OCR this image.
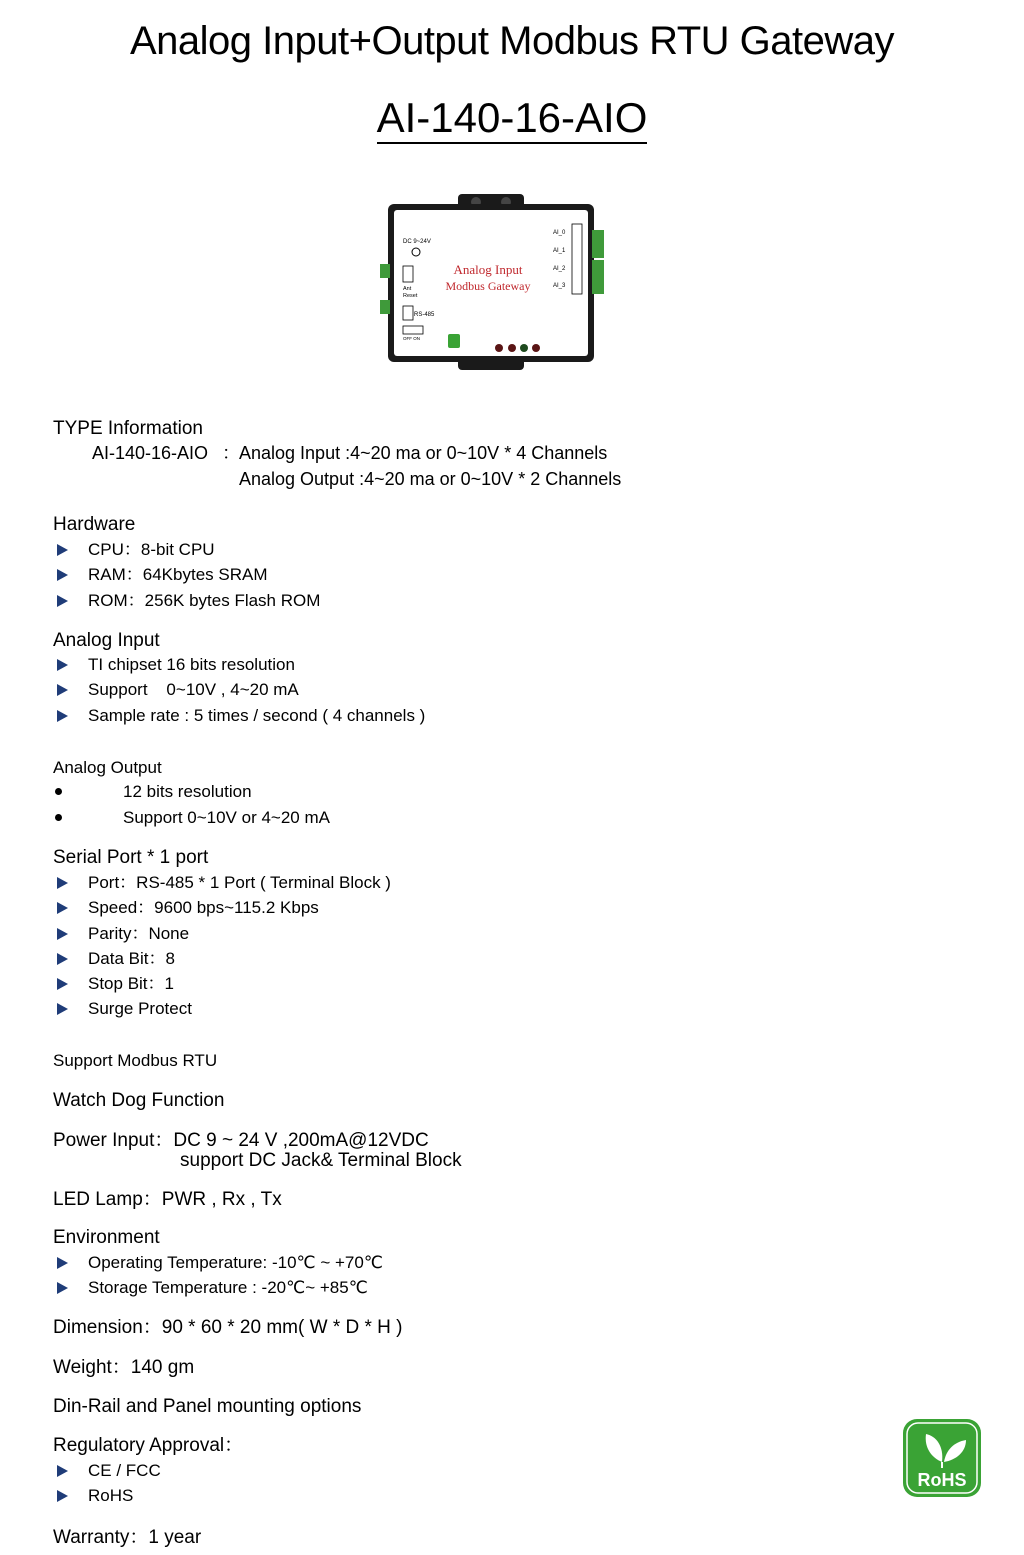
Analog Input+Output Modbus RTU Gateway
AI-140-16-AIO
DC 9~24V
Ant
Reset
RS-485
OFF ON
Analog Input
Modbus Gateway
AI_0
AI_1
AI_2
AI_3
TYPE Information
AI-140-16-AIO ： Analog Input :4~20 ma or 0~10V * 4 Channels
Analog Output :4~20 ma or 0~10V * 2 Channels
Hardware
CPU：8-bit CPU
RAM：64Kbytes SRAM
ROM：256K bytes Flash ROM
Analog Input
TI chipset 16 bits resolution
Support    0~10V , 4~20 mA
Sample rate : 5 times / second ( 4 channels )
Analog Output
12 bits resolution
Support 0~10V or 4~20 mA
Serial Port * 1 port
Port：RS-485 * 1 Port ( Terminal Block )
Speed：9600 bps~115.2 Kbps
Parity：None
Data Bit：8
Stop Bit：1
Surge Protect
Support Modbus RTU
Watch Dog Function
Power Input：DC 9 ~ 24 V ,200mA@12VDC
support DC Jack& Terminal Block
LED Lamp：PWR , Rx , Tx
Environment
Operating Temperature: -10℃ ~ +70℃
Storage Temperature : -20℃~ +85℃
Dimension：90 * 60 * 20 mm( W * D * H )
Weight：140 gm
Din-Rail and Panel mounting options
Regulatory Approval：
CE / FCC
RoHS
Warranty：1 year
RoHS
